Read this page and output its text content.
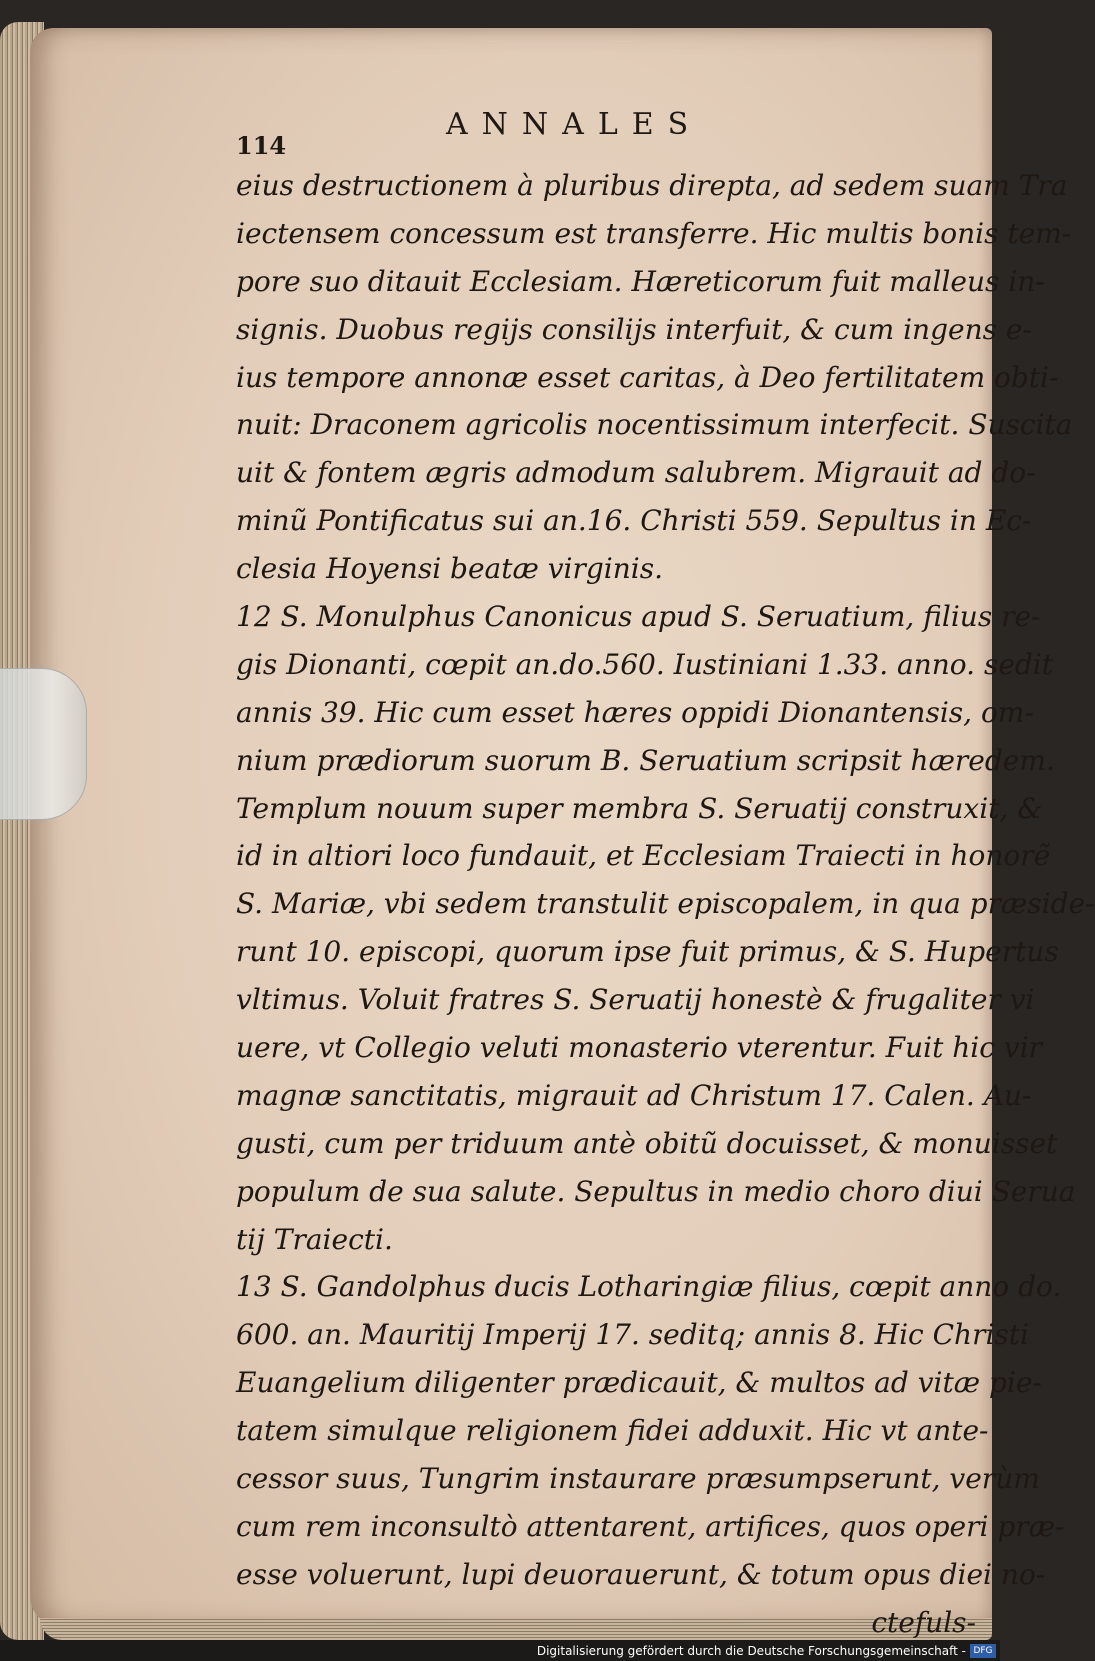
114
ANNALES
eius destructionem à pluribus direpta, ad sedem suam Tra
iectensem concessum est transferre. Hic multis bonis tem-
pore suo ditauit Ecclesiam. Hæreticorum fuit malleus in-
signis. Duobus regijs consilijs interfuit, & cum ingens e-
ius tempore annonæ esset caritas, à Deo fertilitatem obti-
nuit: Draconem agricolis nocentissimum interfecit. Suscita
uit & fontem ægris admodum salubrem. Migrauit ad do-
minũ Pontificatus sui an.16. Christi 559. Sepultus in Ec-
clesia Hoyensi beatæ virginis.
12 S. Monulphus Canonicus apud S. Seruatium, filius re-
gis Dionanti, cœpit an.do.560. Iustiniani 1.33. anno. sedit
annis 39. Hic cum esset hæres oppidi Dionantensis, om-
nium prædiorum suorum B. Seruatium scripsit hæredem.
Templum nouum super membra S. Seruatij construxit, &
id in altiori loco fundauit, et Ecclesiam Traiecti in honorẽ
S. Mariæ, vbi sedem transtulit episcopalem, in qua præside-
runt 10. episcopi, quorum ipse fuit primus, & S. Hupertus
vltimus. Voluit fratres S. Seruatij honestè & frugaliter vi
uere, vt Collegio veluti monasterio vterentur. Fuit hic vir
magnæ sanctitatis, migrauit ad Christum 17. Calen. Au-
gusti, cum per triduum antè obitũ docuisset, & monuisset
populum de sua salute. Sepultus in medio choro diui Serua
tij Traiecti.
13 S. Gandolphus ducis Lotharingiæ filius, cœpit anno do.
600. an. Mauritij Imperij 17. seditq; annis 8. Hic Christi
Euangelium diligenter prædicauit, & multos ad vitæ pie-
tatem simulque religionem fidei adduxit. Hic vt ante-
cessor suus, Tungrim instaurare præsumpserunt, verùm
cum rem inconsultò attentarent, artifices, quos operi præ-
esse voluerunt, lupi deuorauerunt, & totum opus diei no-
ctefuls-
Digitalisierung gefördert durch die Deutsche Forschungsgemeinschaft - DFG
